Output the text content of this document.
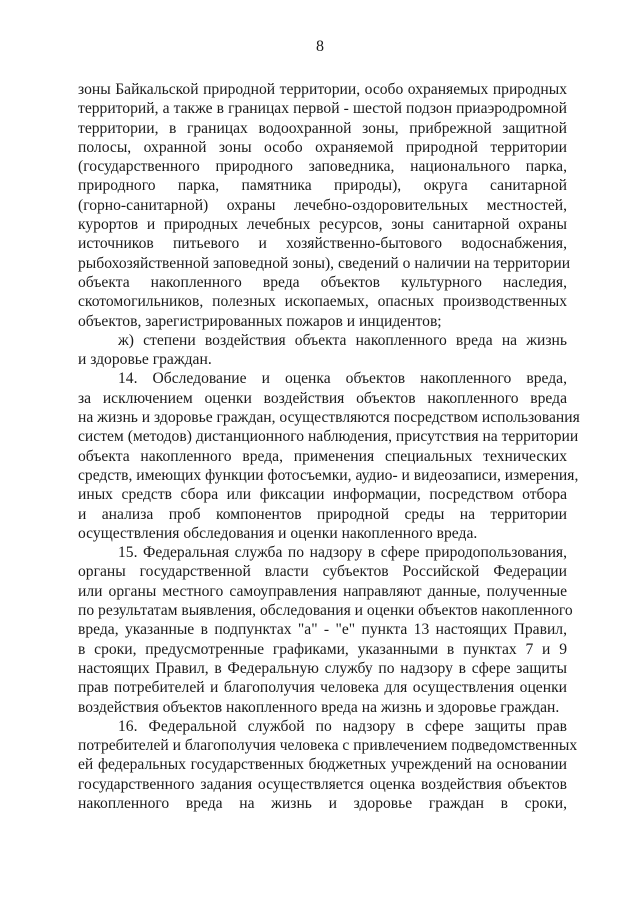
8
зоны Байкальской природной территории, особо охраняемых природных
территорий, а также в границах первой - шестой подзон приаэродромной
территории, в границах водоохранной зоны, прибрежной защитной
полосы, охранной зоны особо охраняемой природной территории
(государственного природного заповедника, национального парка,
природного парка, памятника природы), округа санитарной
(горно-санитарной) охраны лечебно-оздоровительных местностей,
курортов и природных лечебных ресурсов, зоны санитарной охраны
источников питьевого и хозяйственно-бытового водоснабжения,
рыбохозяйственной заповедной зоны), сведений о наличии на территории
объекта накопленного вреда объектов культурного наследия,
скотомогильников, полезных ископаемых, опасных производственных
объектов, зарегистрированных пожаров и инцидентов;
ж) степени воздействия объекта накопленного вреда на жизнь
и здоровье граждан.
14. Обследование и оценка объектов накопленного вреда,
за исключением оценки воздействия объектов накопленного вреда
на жизнь и здоровье граждан, осуществляются посредством использования
систем (методов) дистанционного наблюдения, присутствия на территории
объекта накопленного вреда, применения специальных технических
средств, имеющих функции фотосъемки, аудио- и видеозаписи, измерения,
иных средств сбора или фиксации информации, посредством отбора
и анализа проб компонентов природной среды на территории
осуществления обследования и оценки накопленного вреда.
15. Федеральная служба по надзору в сфере природопользования,
органы государственной власти субъектов Российской Федерации
или органы местного самоуправления направляют данные, полученные
по результатам выявления, обследования и оценки объектов накопленного
вреда, указанные в подпунктах "а" - "е" пункта 13 настоящих Правил,
в сроки, предусмотренные графиками, указанными в пунктах 7 и 9
настоящих Правил, в Федеральную службу по надзору в сфере защиты
прав потребителей и благополучия человека для осуществления оценки
воздействия объектов накопленного вреда на жизнь и здоровье граждан.
16. Федеральной службой по надзору в сфере защиты прав
потребителей и благополучия человека с привлечением подведомственных
ей федеральных государственных бюджетных учреждений на основании
государственного задания осуществляется оценка воздействия объектов
накопленного вреда на жизнь и здоровье граждан в сроки,
